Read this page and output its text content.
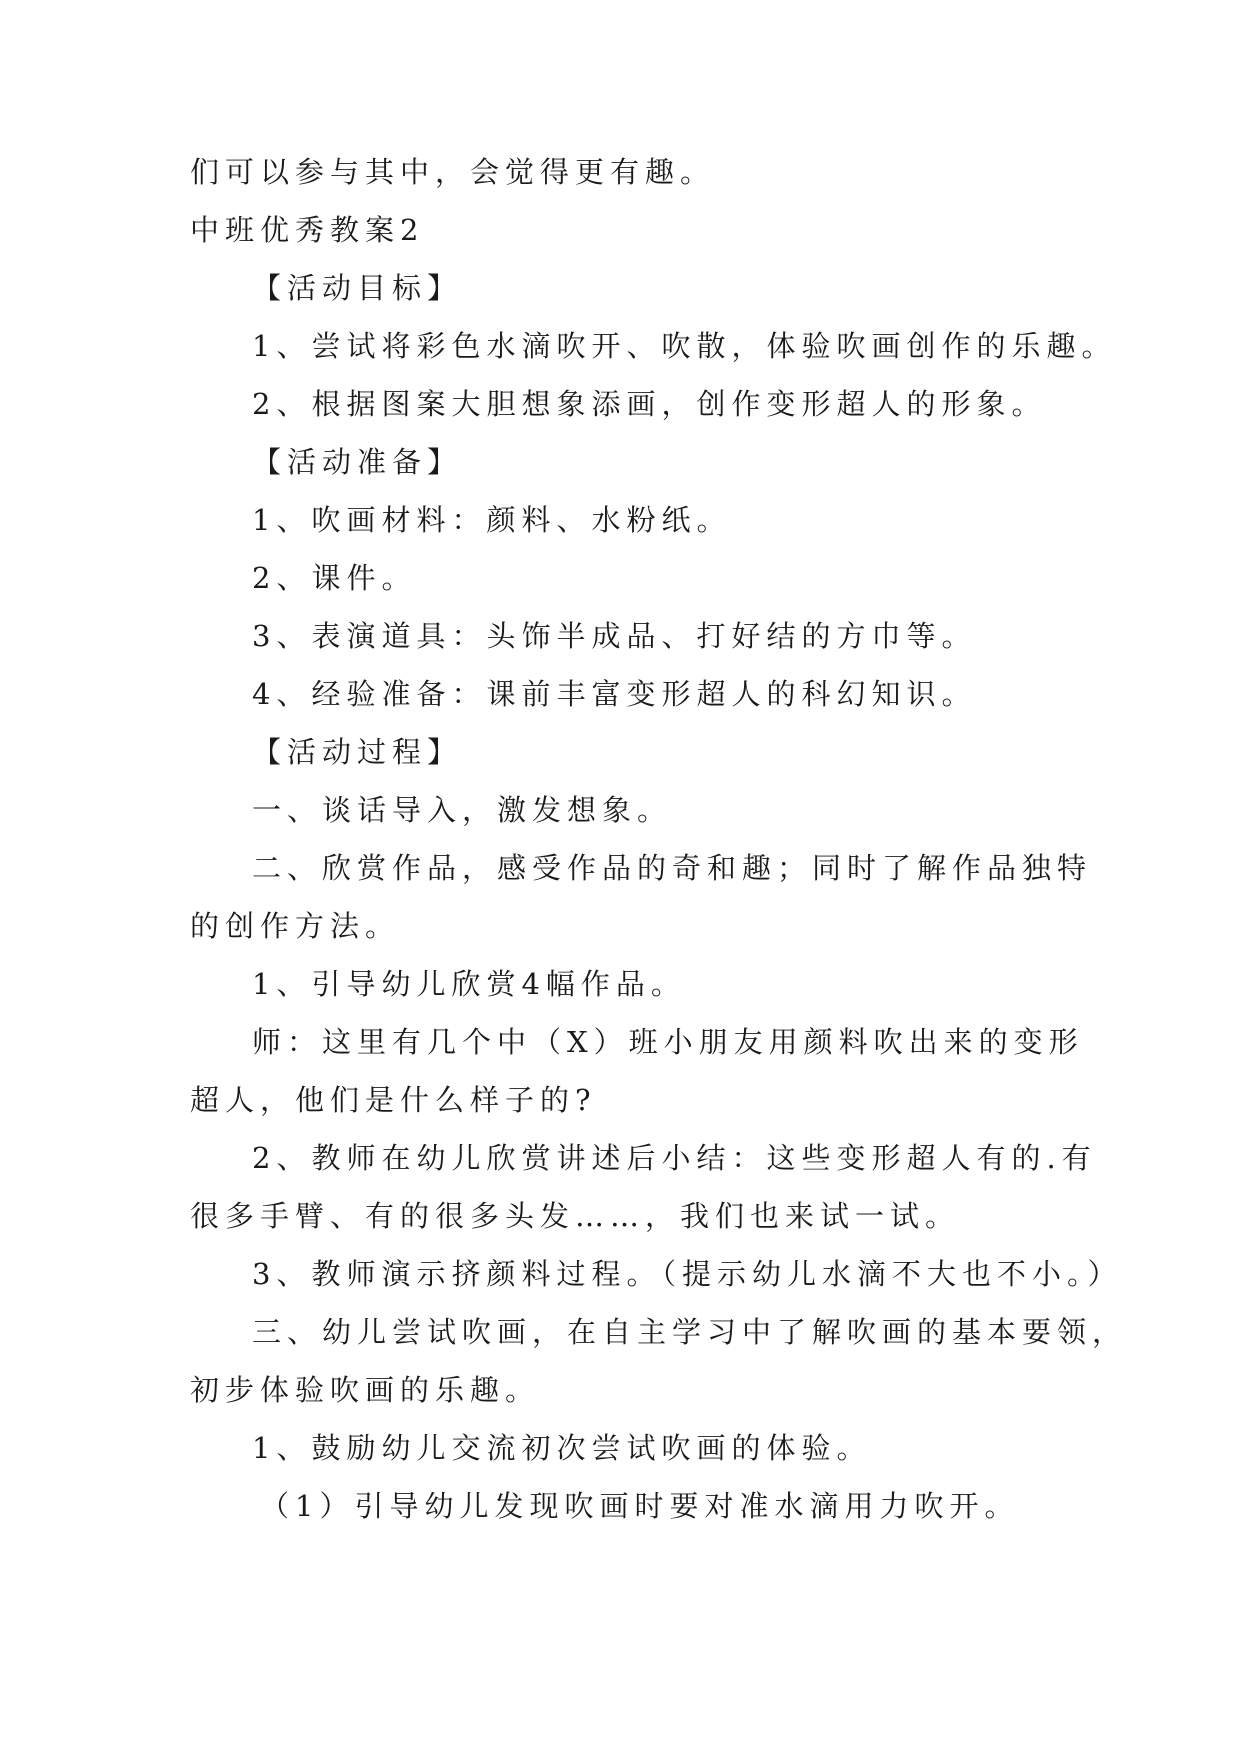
们可以参与其中，会觉得更有趣。
中班优秀教案2
【活动目标】
1、尝试将彩色水滴吹开、吹散，体验吹画创作的乐趣。
2、根据图案大胆想象添画，创作变形超人的形象。
【活动准备】
1、吹画材料：颜料、水粉纸。
2、课件。
3、表演道具：头饰半成品、打好结的方巾等。
4、经验准备：课前丰富变形超人的科幻知识。
【活动过程】
一、谈话导入，激发想象。
二、欣赏作品，感受作品的奇和趣；同时了解作品独特
的创作方法。
1、引导幼儿欣赏4幅作品。
师：这里有几个中（X）班小朋友用颜料吹出来的变形
超人，他们是什么样子的?
2、教师在幼儿欣赏讲述后小结：这些变形超人有的.有
很多手臂、有的很多头发……，我们也来试一试。
3、教师演示挤颜料过程。（提示幼儿水滴不大也不小。）
三、幼儿尝试吹画，在自主学习中了解吹画的基本要领，
初步体验吹画的乐趣。
1、鼓励幼儿交流初次尝试吹画的体验。
（1）引导幼儿发现吹画时要对准水滴用力吹开。
